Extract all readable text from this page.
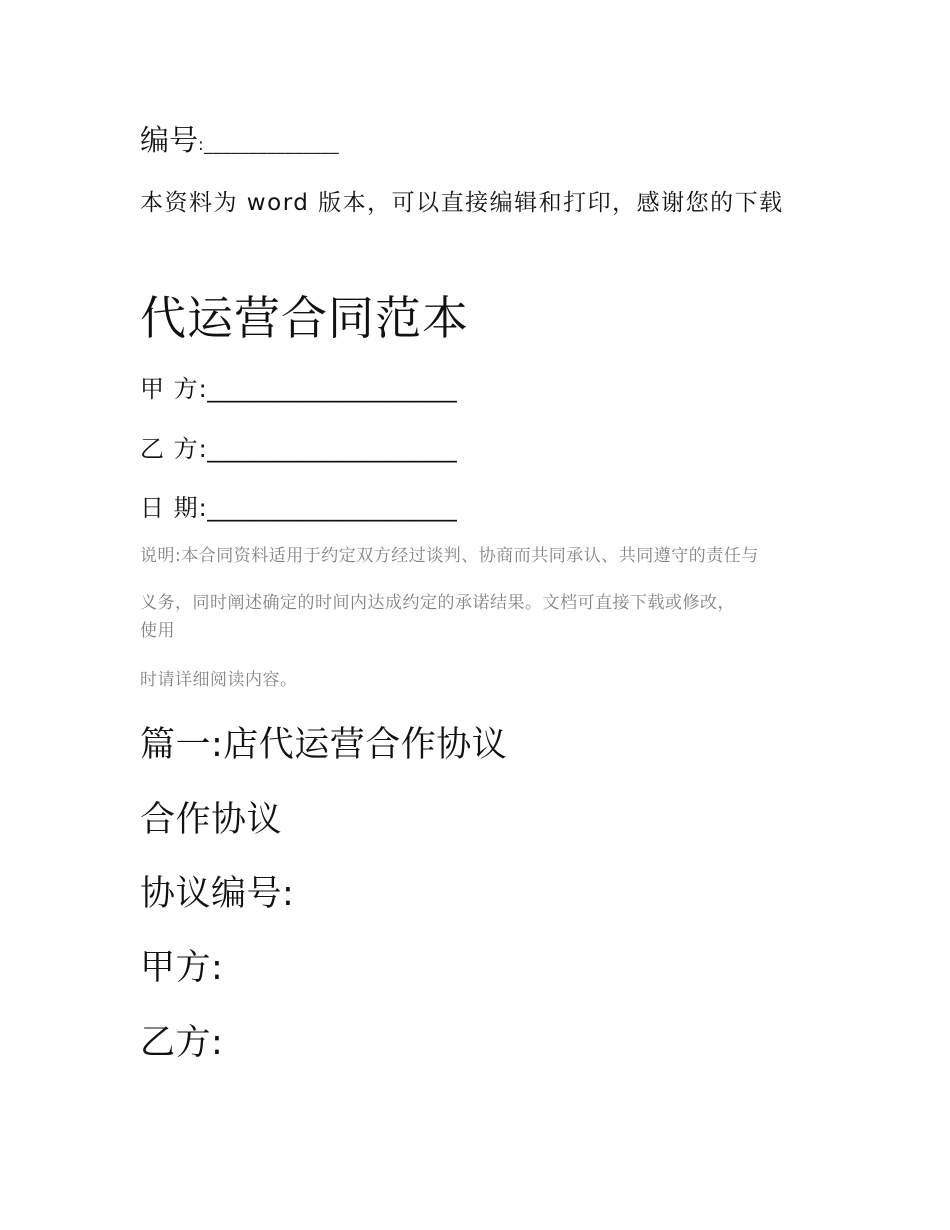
编号:_______________
本资料为 word 版本，可以直接编辑和打印，感谢您的下载
代运营合同范本
甲 方:____________________
乙 方:____________________
日 期:____________________
说明:本合同资料适用于约定双方经过谈判、协商而共同承认、共同遵守的责任与
义务，同时阐述确定的时间内达成约定的承诺结果。文档可直接下载或修改，
使用
时请详细阅读内容。
篇一:店代运营合作协议
合作协议
协议编号:
甲方:
乙方:
